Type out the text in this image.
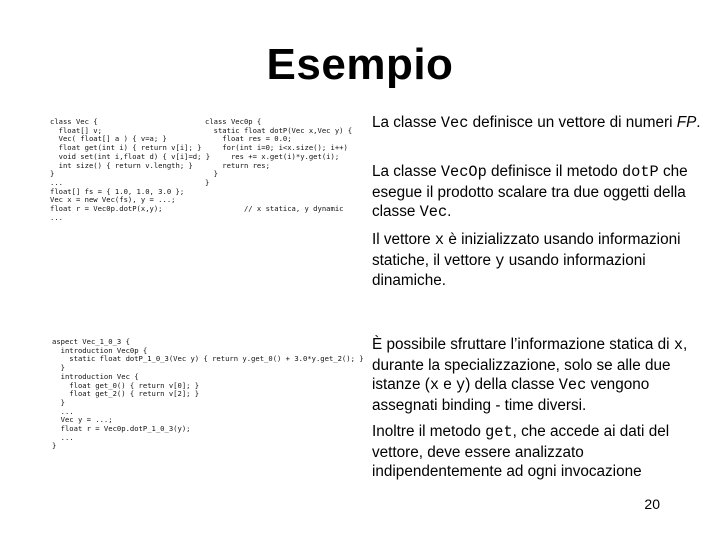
Esempio
class Vec {
float[] v;
Vec( float[] a ) { v=a; }
float get(int i) { return v[i]; }
void set(int i,float d) { v[i]=d; }
int size() { return v.length; }
}
...
float[] fs = { 1.0, 1.0, 3.0 };
Vec x = new Vec(fs), y = ...;
float r = Vec0p.dotP(x,y);
...
class Vec0p {
static float dotP(Vec x,Vec y) {
float res = 0.0;
for(int i=0; i<x.size(); i++)
res += x.get(i)*y.get(i);
return res;
}
}

// x statica, y dynamic
aspect Vec_1_0_3 {
introduction Vec0p {
static float dotP_1_0_3(Vec y) { return y.get_0() + 3.0*y.get_2(); }
}
introduction Vec {
float get_0() { return v[0]; }
float get_2() { return v[2]; }
}
...
Vec y = ...;
float r = Vec0p.dotP_1_0_3(y);
...
}
La classe Vec definisce un vettore di numeri FP.
La classe VecOp definisce il metodo dotP che esegue il prodotto scalare tra due oggetti della classe Vec.
Il vettore x è inizializzato usando informazioni statiche, il vettore y usando informazioni dinamiche.
È possibile sfruttare l’informazione statica di x, durante la specializzazione, solo se alle due istanze (x e y) della classe Vec vengono assegnati binding - time diversi.
Inoltre il metodo get, che accede ai dati del vettore, deve essere analizzato indipendentemente ad ogni invocazione
20
